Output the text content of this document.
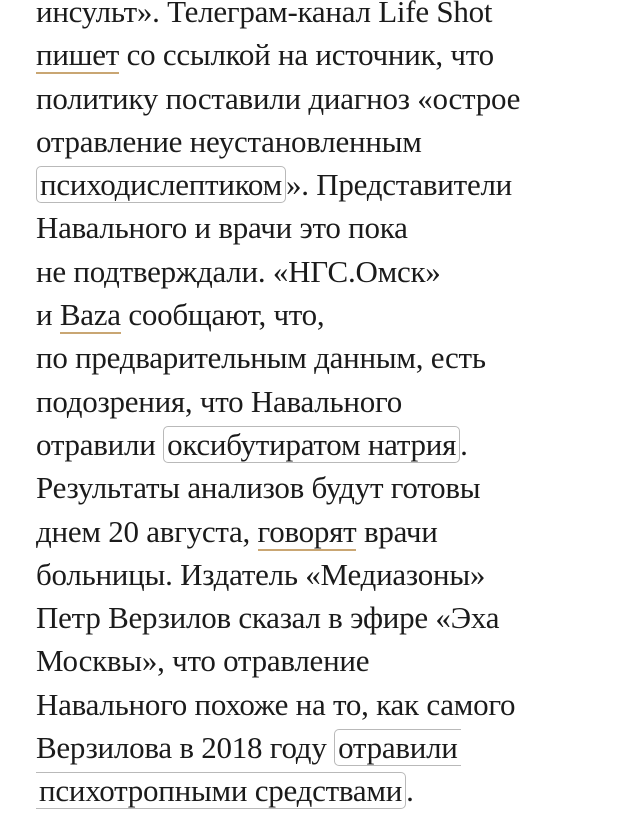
инсульт». Телеграм-канал Life Shot
пишет со ссылкой на источник, что
политику поставили диагноз «острое
отравление неустановленным
психодислептиком ». Представители
Навального и врачи это пока
не подтверждали. «НГС.Омск»
и Baza сообщают, что,
по предварительным данным, есть
подозрения, что Навального
отравили оксибутиратом натрия .
Результаты анализов будут готовы
днем 20 августа, говорят врачи
больницы. Издатель «Медиазоны»
Петр Верзилов сказал в эфире «Эха
Москвы», что отравление
Навального похоже на то, как самого
Верзилова в 2018 году отравили
психотропными средствами .
